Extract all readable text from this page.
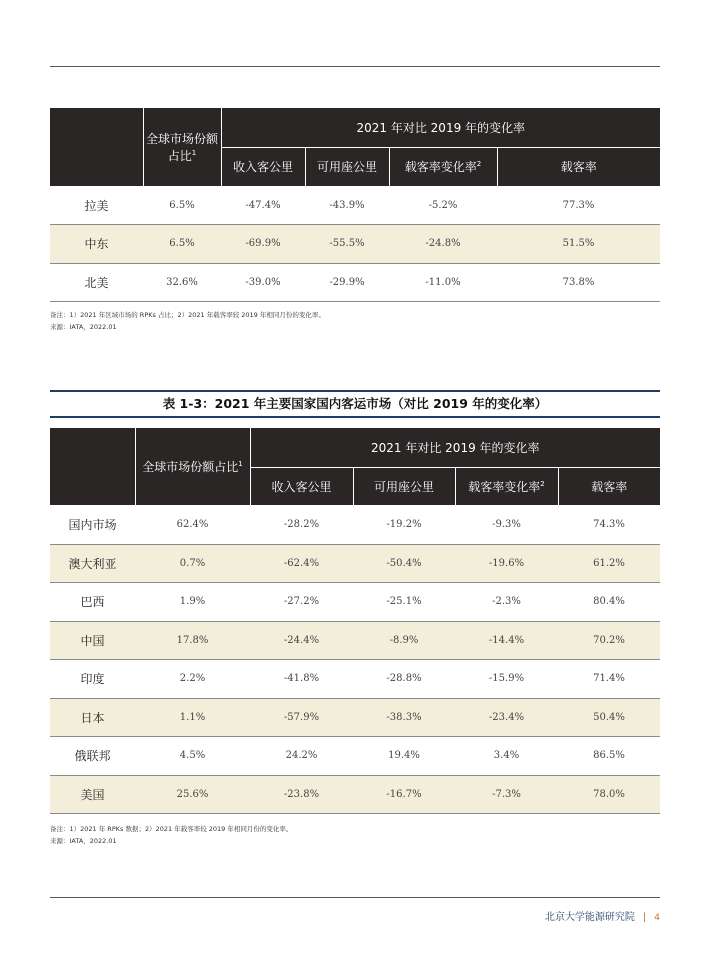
	全球市场份额占比$^1$	2021 年对比 2019 年的变化率			
		收入客公里	可用座公里	载客率变化率$^2$	载客率
拉美	6.5%	-47.4%	-43.9%	-5.2%	77.3%
中东	6.5%	-69.9%	-55.5%	-24.8%	51.5%
北美	32.6%	-39.0%	-29.9%	-11.0%	73.8%
备注：1）2021 年区域市场的 RPKs 占比；2）2021 年载客率较 2019 年相同月份的变化率。
来源：IATA，2022.01
表 1-3：2021 年主要国家国内客运市场（对比 2019 年的变化率）
	全球市场份额占比$^1$	2021 年对比 2019 年的变化率			
		收入客公里	可用座公里	载客率变化率$^2$	载客率
国内市场	62.4%	-28.2%	-19.2%	-9.3%	74.3%
澳大利亚	0.7%	-62.4%	-50.4%	-19.6%	61.2%
巴西	1.9%	-27.2%	-25.1%	-2.3%	80.4%
中国	17.8%	-24.4%	-8.9%	-14.4%	70.2%
印度	2.2%	-41.8%	-28.8%	-15.9%	71.4%
日本	1.1%	-57.9%	-38.3%	-23.4%	50.4%
俄联邦	4.5%	24.2%	19.4%	3.4%	86.5%
美国	25.6%	-23.8%	-16.7%	-7.3%	78.0%
备注：1）2021 年 RPKs 数据；2）2021 年载客率较 2019 年相同月份的变化率。
来源：IATA，2022.01
北京大学能源研究院 | 4
